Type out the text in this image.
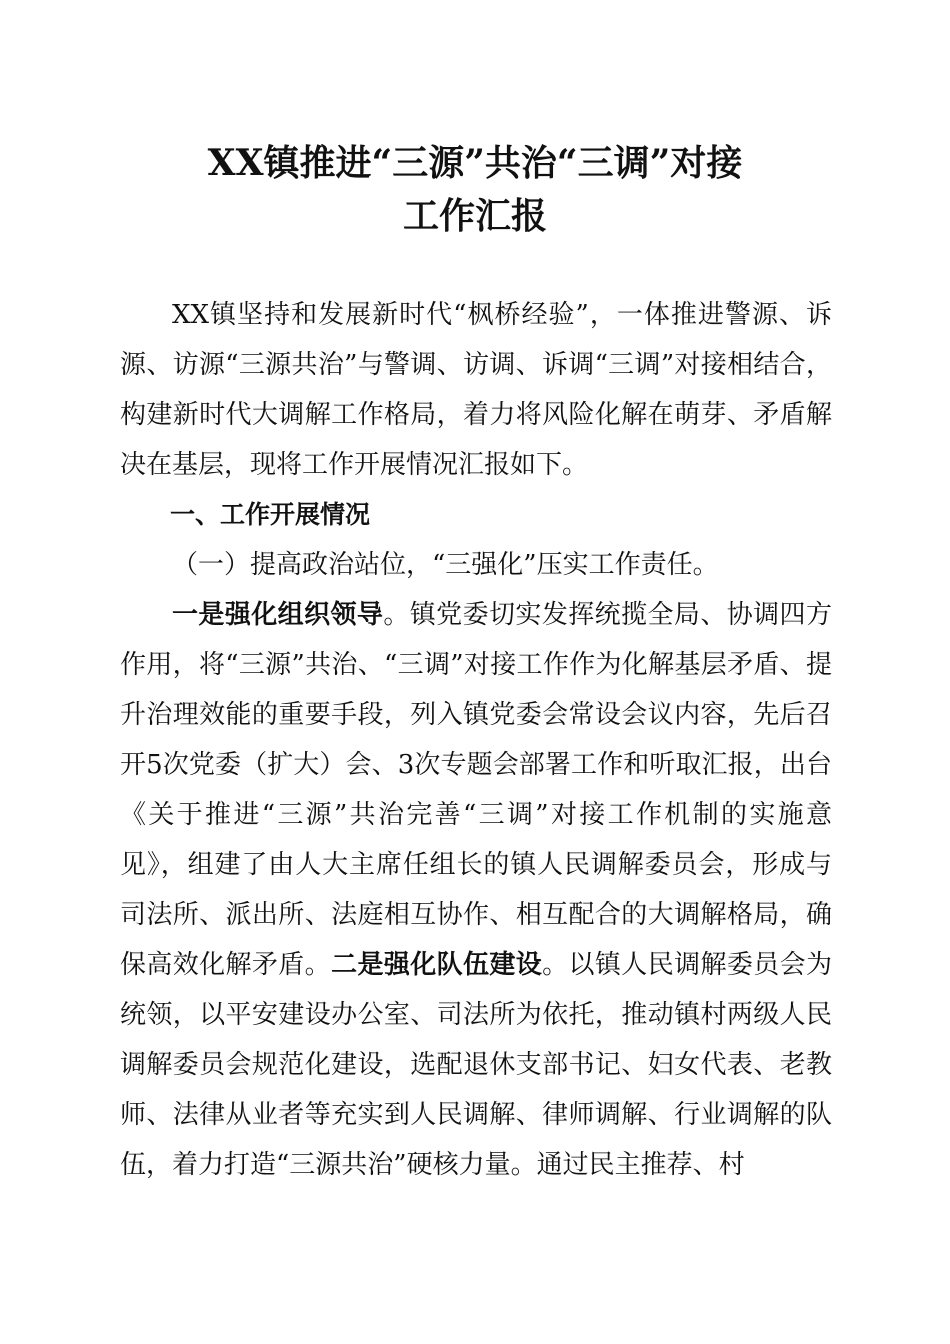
XX镇推进“三源”共治“三调”对接
工作汇报

XX镇坚持和发展新时代“枫桥经验”，一体推进警源、诉源、访源“三源共治”与警调、访调、诉调“三调”对接相结合，构建新时代大调解工作格局，着力将风险化解在萌芽、矛盾解决在基层，现将工作开展情况汇报如下。

一、工作开展情况

（一）提高政治站位，“三强化”压实工作责任。

一是强化组织领导。镇党委切实发挥统揽全局、协调四方作用，将“三源”共治、“三调”对接工作作为化解基层矛盾、提升治理效能的重要手段，列入镇党委会常设会议内容，先后召开5次党委（扩大）会、3次专题会部署工作和听取汇报，出台《关于推进“三源”共治完善“三调”对接工作机制的实施意见》，组建了由人大主席任组长的镇人民调解委员会，形成与司法所、派出所、法庭相互协作、相互配合的大调解格局，确保高效化解矛盾。二是强化队伍建设。以镇人民调解委员会为统领，以平安建设办公室、司法所为依托，推动镇村两级人民调解委员会规范化建设，选配退休支部书记、妇女代表、老教师、法律从业者等充实到人民调解、律师调解、行业调解的队伍，着力打造“三源共治”硬核力量。通过民主推荐、村
